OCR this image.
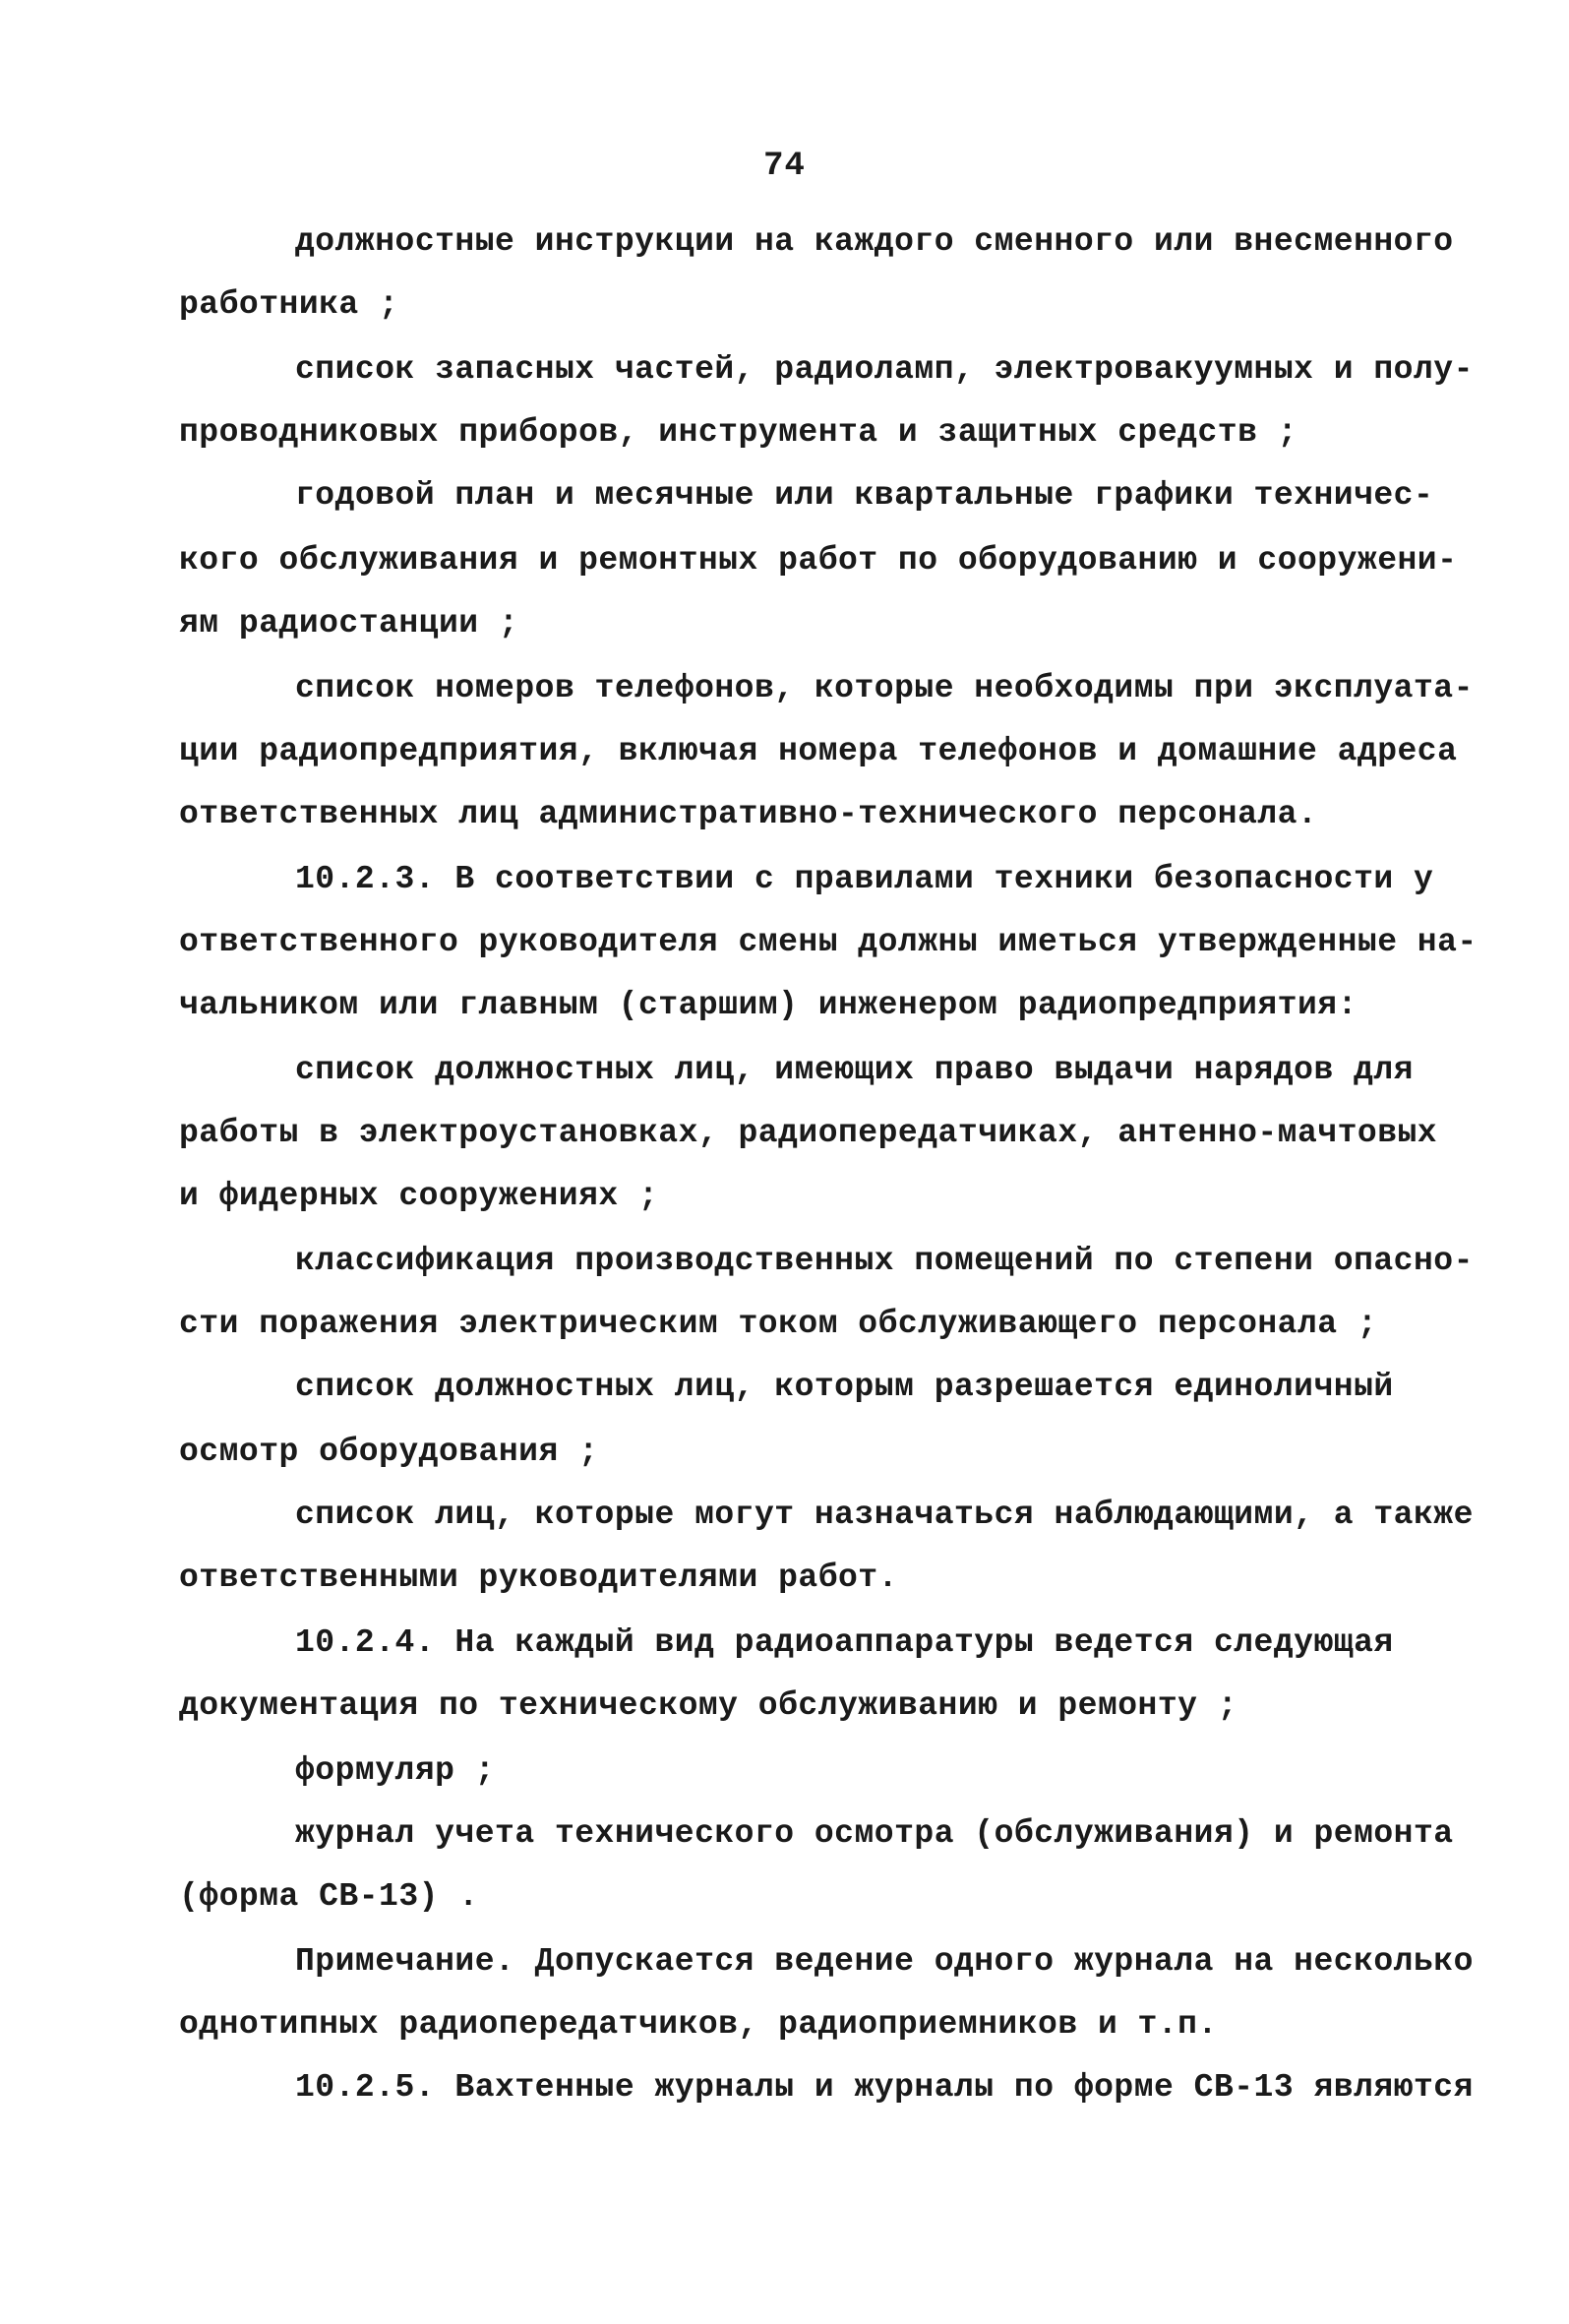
74
должностные инструкции на каждого сменного или внесменного
работника ;
список запасных частей, радиоламп, электровакуумных и полу-
проводниковых приборов, инструмента и защитных средств ;
годовой план и месячные или квартальные графики техничес-
кого обслуживания и ремонтных работ по оборудованию и сооружени-
ям радиостанции ;
список номеров телефонов, которые необходимы при эксплуата-
ции радиопредприятия, включая номера телефонов и домашние адреса
ответственных лиц административно-технического персонала.
10.2.3. В соответствии с правилами техники безопасности у
ответственного руководителя смены должны иметься утвержденные на-
чальником или главным (старшим) инженером радиопредприятия:
список должностных лиц, имеющих право выдачи нарядов для
работы в электроустановках, радиопередатчиках, антенно-мачтовых
и фидерных сооружениях ;
классификация производственных помещений по степени опасно-
сти поражения электрическим током обслуживающего персонала ;
список должностных лиц, которым разрешается единоличный
осмотр оборудования ;
список лиц, которые могут назначаться наблюдающими, а также
ответственными руководителями работ.
10.2.4. На каждый вид радиоаппаратуры ведется следующая
документация по техническому обслуживанию и ремонту ;
формуляр ;
журнал учета технического осмотра (обслуживания) и ремонта
(форма СВ-13) .
Примечание. Допускается ведение одного журнала на несколько
однотипных радиопередатчиков, радиоприемников и т.п.
10.2.5. Вахтенные журналы и журналы по форме СВ-13 являются
